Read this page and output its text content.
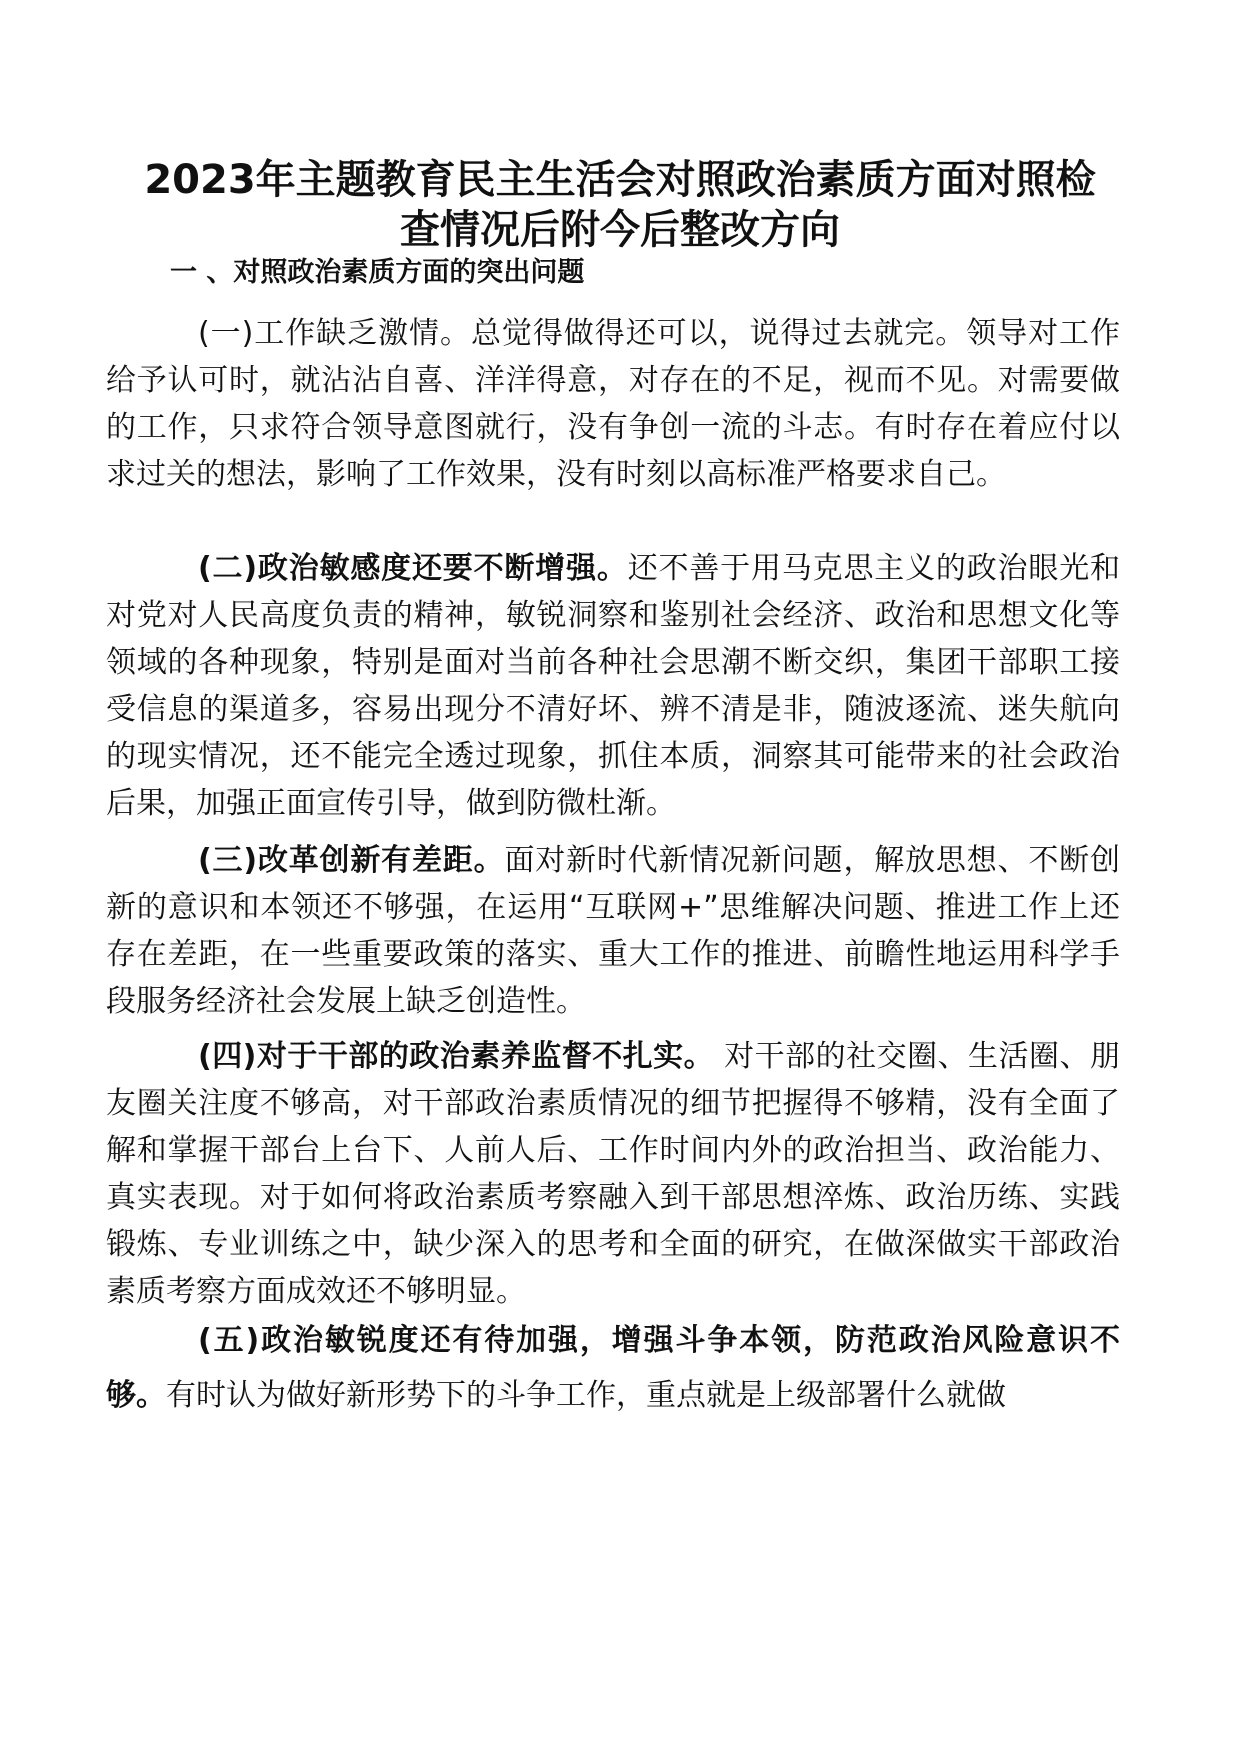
2023年主题教育民主生活会对照政治素质方面对照检
查情况后附今后整改方向
一 、对照政治素质方面的突出问题
(一)工作缺乏激情。总觉得做得还可以，说得过去就完。领导对工作给予认可时，就沾沾自喜、洋洋得意，对存在的不足，视而不见。对需要做的工作，只求符合领导意图就行，没有争创一流的斗志。有时存在着应付以求过关的想法，影响了工作效果，没有时刻以高标准严格要求自己。
(二)政治敏感度还要不断增强。还不善于用马克思主义的政治眼光和对党对人民高度负责的精神，敏锐洞察和鉴别社会经济、政治和思想文化等领域的各种现象，特别是面对当前各种社会思潮不断交织，集团干部职工接受信息的渠道多，容易出现分不清好坏、辨不清是非，随波逐流、迷失航向的现实情况，还不能完全透过现象，抓住本质，洞察其可能带来的社会政治后果，加强正面宣传引导，做到防微杜渐。
(三)改革创新有差距。面对新时代新情况新问题，解放思想、不断创新的意识和本领还不够强，在运用“互联网+”思维解决问题、推进工作上还存在差距，在一些重要政策的落实、重大工作的推进、前瞻性地运用科学手段服务经济社会发展上缺乏创造性。
(四)对于干部的政治素养监督不扎实。 对干部的社交圈、生活圈、朋友圈关注度不够高，对干部政治素质情况的细节把握得不够精，没有全面了解和掌握干部台上台下、人前人后、工作时间内外的政治担当、政治能力、真实表现。对于如何将政治素质考察融入到干部思想淬炼、政治历练、实践锻炼、专业训练之中，缺少深入的思考和全面的研究，在做深做实干部政治素质考察方面成效还不够明显。
(五)政治敏锐度还有待加强，增强斗争本领，防范政治风险意识不够。有时认为做好新形势下的斗争工作，重点就是上级部署什么就做
